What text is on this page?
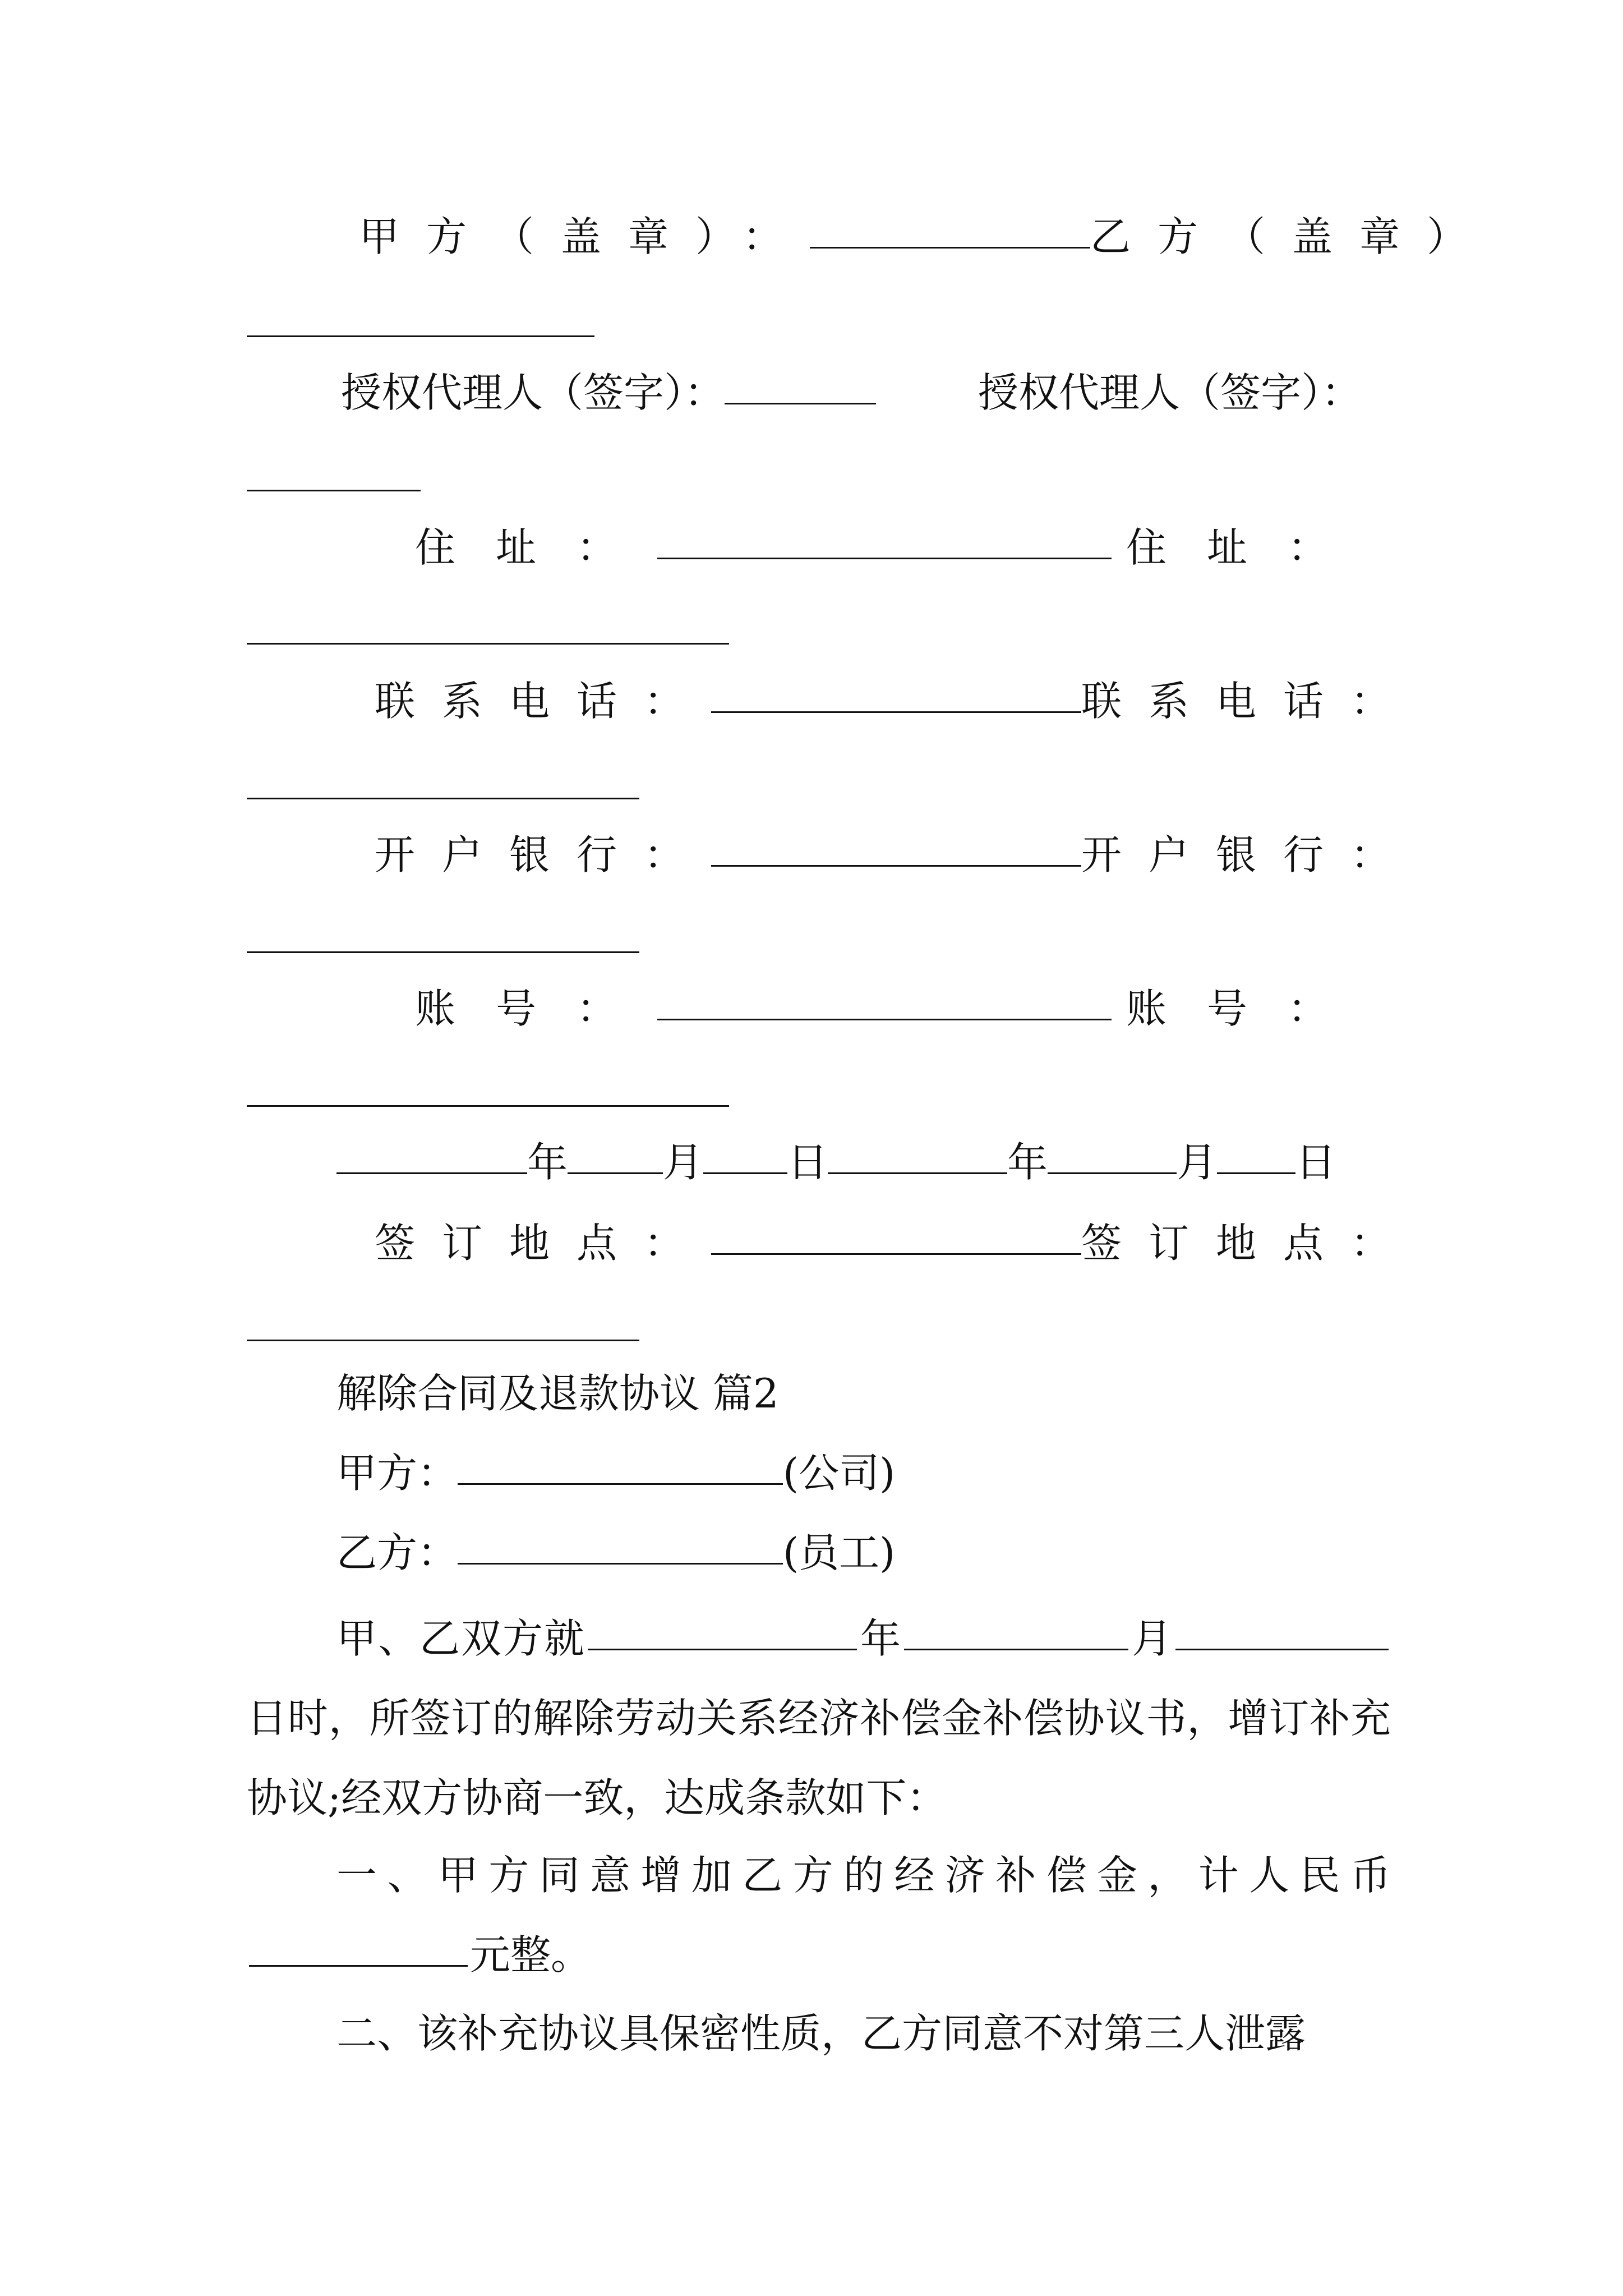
甲方（盖章）：	乙方（盖章）
授权代理人（签字）：	授权代理人（签字）：
住址：	住址：
联系电话：	联系电话：
开户银行：	开户银行：
账号：	账号：
年 月 日	年	月 日
签订地点：	签订地点：
解除合同及退款协议 篇2
甲方：	(公司)
乙方：	(员工)
甲、乙双方就	年	月日时，所签订的解除劳动关系经济补偿金补偿协议书，增订补充协议;经双方协商一致，达成条款如下：
一、甲方同意增加乙方的经济补偿金，计人民币元整。
二、该补充协议具保密性质，乙方同意不对第三人泄露
